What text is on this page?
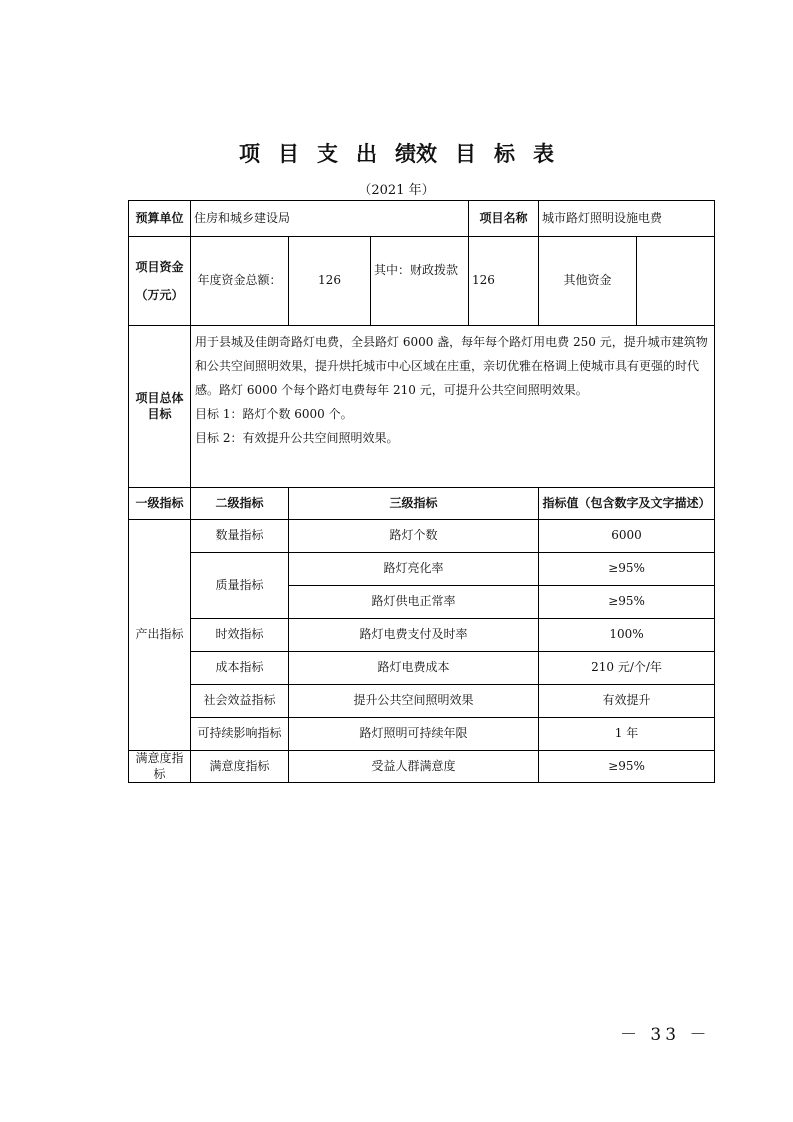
项 目 支 出 绩效 目 标 表
（2021 年）
预算单位	住房和城乡建设局			项目名称	城市路灯照明设施电费	

项目资金
（万元）	年度资金总额：	126	其中：财政拨款	126	其他资金	
项目总体目标	用于县城及佳朗奇路灯电费，全县路灯 6000 盏，每年每个路灯用电费 250 元，提升城市建筑物和公共空间照明效果，提升烘托城市中心区域在庄重，亲切优雅在格调上使城市具有更强的时代感。路灯 6000 个每个路灯电费每年 210 元，可提升公共空间照明效果。

目标 1：路灯个数 6000 个。

目标 2：有效提升公共空间照明效果。					

一级指标	二级指标	三级指标			指标值（包含数字及文字描述）	
产出指标	数量指标	路灯个数			6000	
	质量指标	路灯亮化率			≥95%	
		路灯供电正常率			≥95%	
	时效指标	路灯电费支付及时率			100%	
	成本指标	路灯电费成本			210 元/个/年	
	社会效益指标	提升公共空间照明效果			有效提升	
	可持续影响指标	路灯照明可持续年限			1 年	
满意度指标	满意度指标	受益人群满意度			≥95%	
－ 33 －
